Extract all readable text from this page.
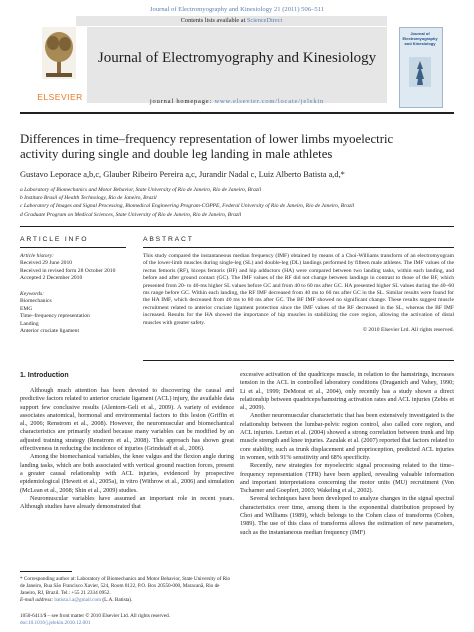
Journal of Electromyography and Kinesiology 21 (2011) 506–511
Contents lists available at ScienceDirect
ELSEVIER
Journal of Electromyography and Kinesiology
journal homepage: www.elsevier.com/locate/jelekin
Journal of Electromyography and Kinesiology
Differences in time–frequency representation of lower limbs myoelectric
activity during single and double leg landing in male athletes
Gustavo Leporace a,b,c, Glauber Ribeiro Pereira a,c, Jurandir Nadal c, Luiz Alberto Batista a,d,*
a Laboratory of Biomechanics and Motor Behavior, State University of Rio de Janeiro, Rio de Janeiro, Brazil
b Instituto Brasil of Health Technology, Rio de Janeiro, Brazil
c Laboratory of Images and Signal Processing, Biomedical Engineering Program-COPPE, Federal University of Rio de Janeiro, Rio de Janeiro, Brazil
d Graduate Program on Medical Sciences, State University of Rio de Janeiro, Rio de Janeiro, Brazil
ARTICLE INFO
Article history:
Received 29 June 2010
Received in revised form 28 October 2010
Accepted 2 December 2010
Keywords:
Biomechanics
EMG
Time–frequency representation
Landing
Anterior cruciate ligament
ABSTRACT
This study compared the instantaneous median frequency (IMF) obtained by means of a Choi-Williams transform of an electromyogram of the lower-limb muscles during single-leg (SL) and double-leg (DL) landings performed by fifteen male athletes. The IMF values of the rectus femoris (RF), biceps femoris (BF) and hip adductors (HA) were compared between two landing tasks, within each landing, and before and after ground contact (GC). The IMF values of the RF did not change between landings in contrast to those of the BF, which presented from 20- to 40-ms higher SL values before GC and from 40 to 60 ms after GC. HA presented higher SL values during the 40–60 ms range before GC. Within each landing, the RF IMF decreased from 40 ms to 60 ms after GC in the SL. Similar results were found for the HA IMF, which decreased from 40 ms to 80 ms after GC. The BF IMF showed no significant change. These results suggest muscle recruitment related to anterior cruciate ligament protection since the IMF values of the RF decreased in the SL, whereas the BF IMF increased. Results for the HA showed the importance of hip muscles in stabilizing the core region, allowing the activation of distal muscles with greater safety.
© 2010 Elsevier Ltd. All rights reserved.
1. Introduction
Although much attention has been devoted to discovering the causal and predictive factors related to anterior cruciate ligament (ACL) injury, the available data support few conclusive results (Alentorn-Geli et al., 2009). A variety of evidence associates anatomical, hormonal and environmental factors to this lesion (Griffin et al., 2006; Renstrom et al., 2008). However, the neuromuscular and biomechanical characteristics are primarily studied because many variables can be modified by an adjusted training strategy (Renstrom et al., 2008). This approach has shown great effectiveness in reducing the incidence of injuries (Grindstaff et al., 2006).
Among the biomechanical variables, the knee valgus and the flexion angle during landing tasks, which are both associated with vertical ground reaction forces, present a greater causal relationship with ACL injuries, evidenced by prospective epidemiological (Hewett et al., 2005a), in vitro (Withrow et al., 2006) and simulation (McLean et al., 2008; Shin et al., 2009) studies.
Neuromuscular variables have assumed an important role in recent years. Although studies have already demonstrated that
excessive activation of the quadriceps muscle, in relation to the hamstrings, increases tension in the ACL in controlled laboratory conditions (Draganich and Vahey, 1990; Li et al., 1999; DeMorat et al., 2004), only recently has a study shown a direct relationship between quadriceps/hamstring activation rates and ACL injuries (Zebis et al., 2009).
Another neuromuscular characteristic that has been extensively investigated is the relationship between the lumbar-pelvic region control, also called core region, and ACL injuries. Leetun et al. (2004) showed a strong correlation between trunk and hip muscle strength and knee injuries. Zazulak et al. (2007) reported that factors related to core stability, such as trunk displacement and proprioception, predicted ACL injuries in women, with 91% sensitivity and 68% specificity.
Recently, new strategies for myoelectric signal processing related to the time–frequency representation (TFR) have been applied, revealing valuable information and important interpretations concerning the motor units (MU) recruitment (Von Tscharner and Goepfert, 2003; Wakeling et al., 2002).
Several techniques have been developed to analyze changes in the signal spectral characteristics over time, among them is the exponential distribution proposed by Choi and Williams (1989), which belongs to the Cohen class of transforms (Cohen, 1989). The use of this class of transforms allows the estimation of new parameters, such as the instantaneous median frequency (IMF)
* Corresponding author at: Laboratory of Biomechanics and Motor Behavior, State University of Rio de Janeiro, Rua São Francisco Xavier, 524, Room 8122, P.O. Box 20550-000, Maracanã, Rio de Janeiro, RJ, Brazil. Tel.: +55 21 2334 0952.
E-mail address: batista.l.a@gmail.com (L.A. Batista).
1050-6411/$ – see front matter © 2010 Elsevier Ltd. All rights reserved.
doi:10.1016/j.jelekin.2010.12.001
